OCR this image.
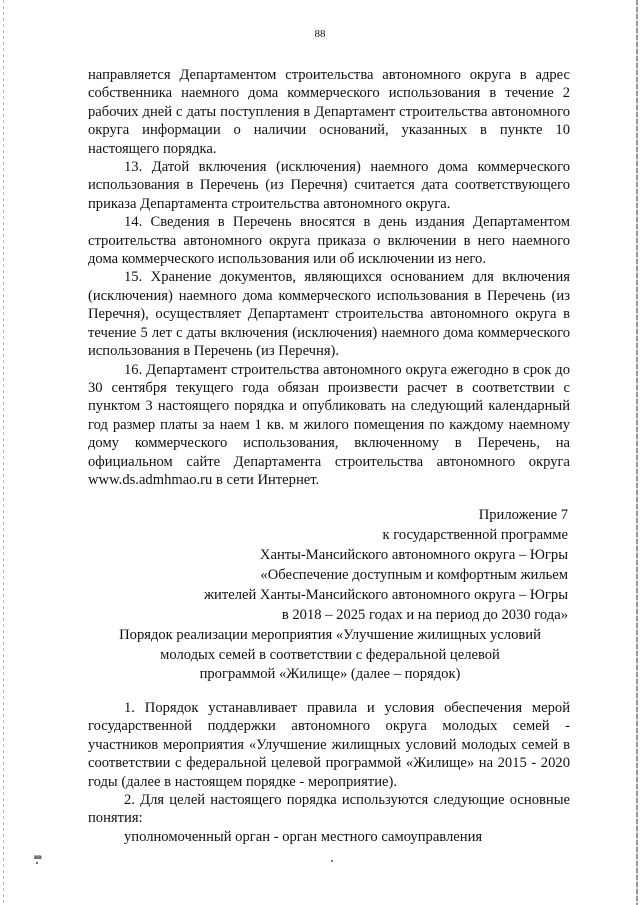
88

направляется Департаментом строительства автономного округа в адрес собственника наемного дома коммерческого использования в течение 2 рабочих дней с даты поступления в Департамент строительства автономного округа информации о наличии оснований, указанных в пункте 10 настоящего порядка.

13. Датой включения (исключения) наемного дома коммерческого использования в Перечень (из Перечня) считается дата соответствующего приказа Департамента строительства автономного округа.

14. Сведения в Перечень вносятся в день издания Департаментом строительства автономного округа приказа о включении в него наемного дома коммерческого использования или об исключении из него.

15. Хранение документов, являющихся основанием для включения (исключения) наемного дома коммерческого использования в Перечень (из Перечня), осуществляет Департамент строительства автономного округа в течение 5 лет с даты включения (исключения) наемного дома коммерческого использования в Перечень (из Перечня).

16. Департамент строительства автономного округа ежегодно в срок до 30 сентября текущего года обязан произвести расчет в соответствии с пунктом 3 настоящего порядка и опубликовать на следующий календарный год размер платы за наем 1 кв. м жилого помещения по каждому наемному дому коммерческого использования, включенному в Перечень, на официальном сайте Департамента строительства автономного округа www.ds.admhmao.ru в сети Интернет.

Приложение 7
к государственной программе
Ханты-Мансийского автономного округа – Югры
«Обеспечение доступным и комфортным жильем
жителей Ханты-Мансийского автономного округа – Югры
в 2018 – 2025 годах и на период до 2030 года»
Порядок реализации мероприятия «Улучшение жилищных условий
молодых семей в соответствии с федеральной целевой
программой «Жилище» (далее – порядок)

1. Порядок устанавливает правила и условия обеспечения мерой государственной поддержки автономного округа молодых семей - участников мероприятия «Улучшение жилищных условий молодых семей в соответствии с федеральной целевой программой «Жилище» на 2015 - 2020 годы (далее в настоящем порядке - мероприятие).

2. Для целей настоящего порядка используются следующие основные понятия:

уполномоченный орган - орган местного самоуправления

ив
